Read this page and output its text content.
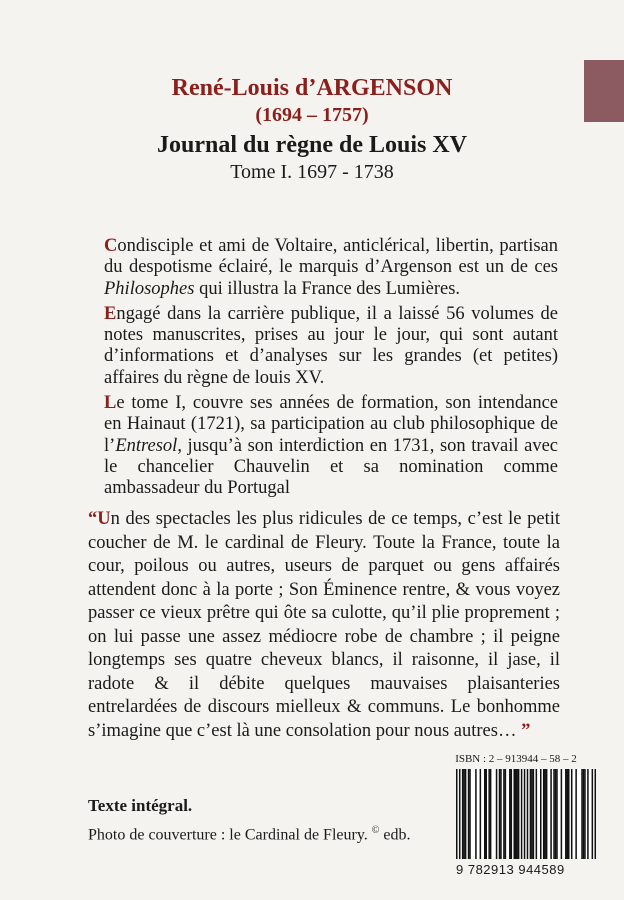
René-Louis d’ARGENSON

(1694 – 1757)

Journal du règne de Louis XV

Tome I. 1697 - 1738

Condisciple et ami de Voltaire, anticlérical, libertin, partisan du despotisme éclairé, le marquis d’Argenson est un de ces Philosophes qui illustra la France des Lumières.

Engagé dans la carrière publique, il a laissé 56 volumes de notes manuscrites, prises au jour le jour, qui sont autant d’informations et d’analyses sur les grandes (et petites) affaires du règne de louis XV.

Le tome I, couvre ses années de formation, son intendance en Hainaut (1721), sa participation au club philosophique de l’Entresol, jusqu’à son interdiction en 1731, son travail avec le chancelier Chauvelin et sa nomination comme ambassadeur du Portugal

“Un des spectacles les plus ridicules de ce temps, c’est le petit coucher de M. le cardinal de Fleury. Toute la France, toute la cour, poilous ou autres, useurs de parquet ou gens affairés attendent donc à la porte ; Son Éminence rentre, & vous voyez passer ce vieux prêtre qui ôte sa culotte, qu’il plie proprement ; on lui passe une assez médiocre robe de chambre ; il peigne longtemps ses quatre cheveux blancs, il raisonne, il jase, il radote & il débite quelques mauvaises plaisanteries entrelardées de discours mielleux & communs. Le bonhomme s’imagine que c’est là une consolation pour nous autres… ”

Texte intégral.
Photo de couverture : le Cardinal de Fleury. © edb.
ISBN : 2 – 913944 – 58 – 2
9 782913 944589
